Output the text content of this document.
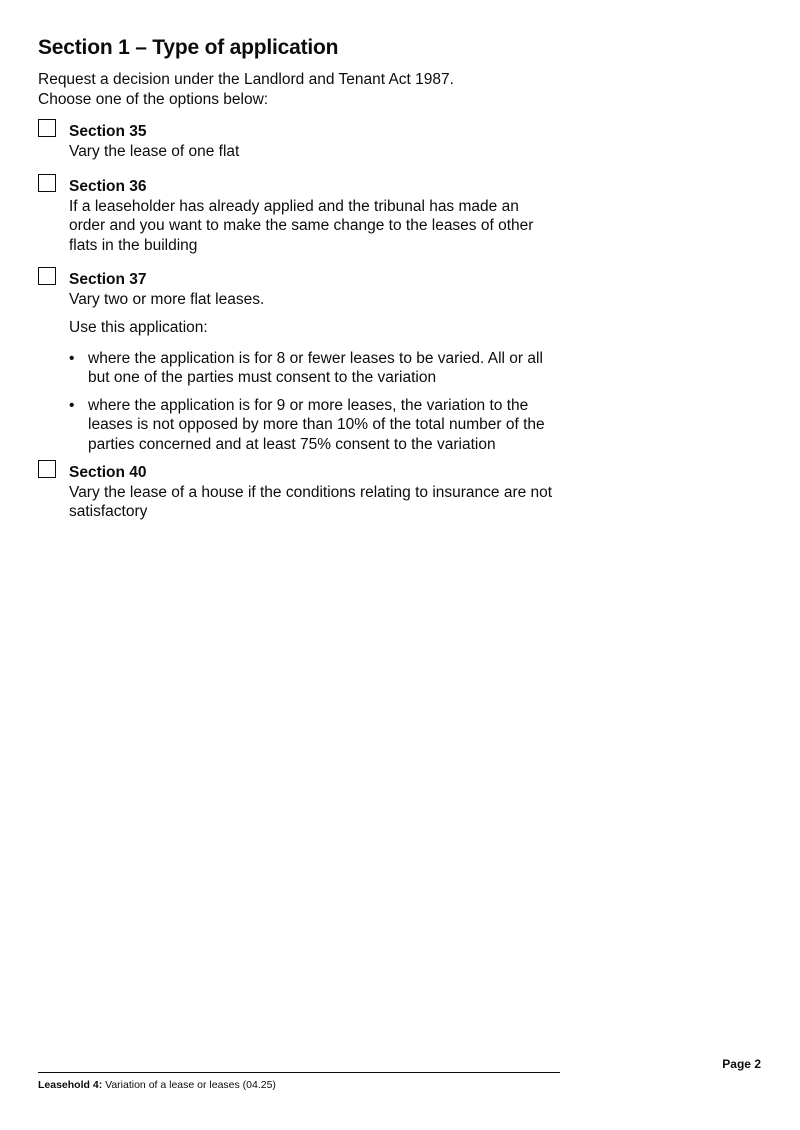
Section 1 – Type of application

Request a decision under the Landlord and Tenant Act 1987.

Choose one of the options below:

Section 35
Vary the lease of one flat
Section 36
If a leaseholder has already applied and the tribunal has made an order and you want to make the same change to the leases of other flats in the building
Section 37
Vary two or more flat leases.
Use this application:
• where the application is for 8 or fewer leases to be varied. All or all but one of the parties must consent to the variation
• where the application is for 9 or more leases, the variation to the leases is not opposed by more than 10% of the total number of the parties concerned and at least 75% consent to the variation
Section 40
Vary the lease of a house if the conditions relating to insurance are not satisfactory
Page 2
Leasehold 4: Variation of a lease or leases (04.25)
